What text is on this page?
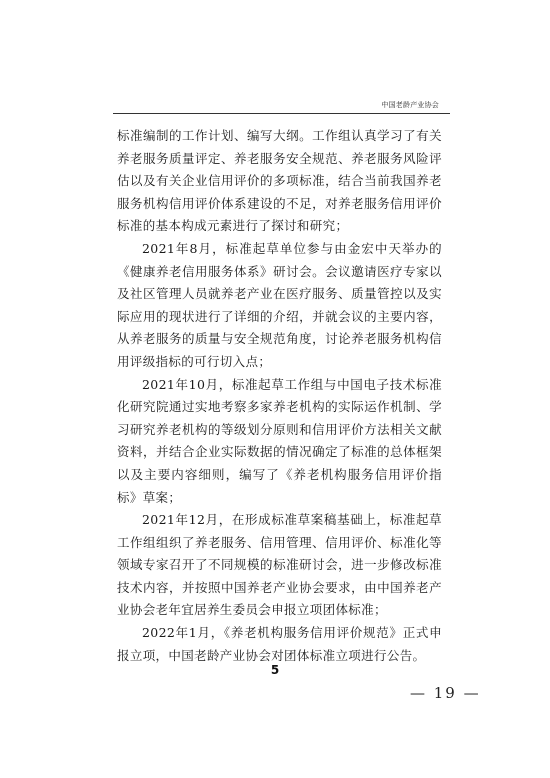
中国老龄产业协会

标准编制的工作计划、编写大纲。工作组认真学习了有关养老服务质量评定、养老服务安全规范、养老服务风险评估以及有关企业信用评价的多项标准，结合当前我国养老服务机构信用评价体系建设的不足，对养老服务信用评价标准的基本构成元素进行了探讨和研究；

2021年8月，标准起草单位参与由金宏中天举办的《健康养老信用服务体系》研讨会。会议邀请医疗专家以及社区管理人员就养老产业在医疗服务、质量管控以及实际应用的现状进行了详细的介绍，并就会议的主要内容，从养老服务的质量与安全规范角度，讨论养老服务机构信用评级指标的可行切入点；

2021年10月，标准起草工作组与中国电子技术标准化研究院通过实地考察多家养老机构的实际运作机制、学习研究养老机构的等级划分原则和信用评价方法相关文献资料，并结合企业实际数据的情况确定了标准的总体框架以及主要内容细则，编写了《养老机构服务信用评价指标》草案；

2021年12月，在形成标准草案稿基础上，标准起草工作组组织了养老服务、信用管理、信用评价、标准化等领域专家召开了不同规模的标准研讨会，进一步修改标准技术内容，并按照中国养老产业协会要求，由中国养老产业协会老年宜居养生委员会申报立项团体标准；

2022年1月，《养老机构服务信用评价规范》正式申报立项，中国老龄产业协会对团体标准立项进行公告。

5
— 19 —
